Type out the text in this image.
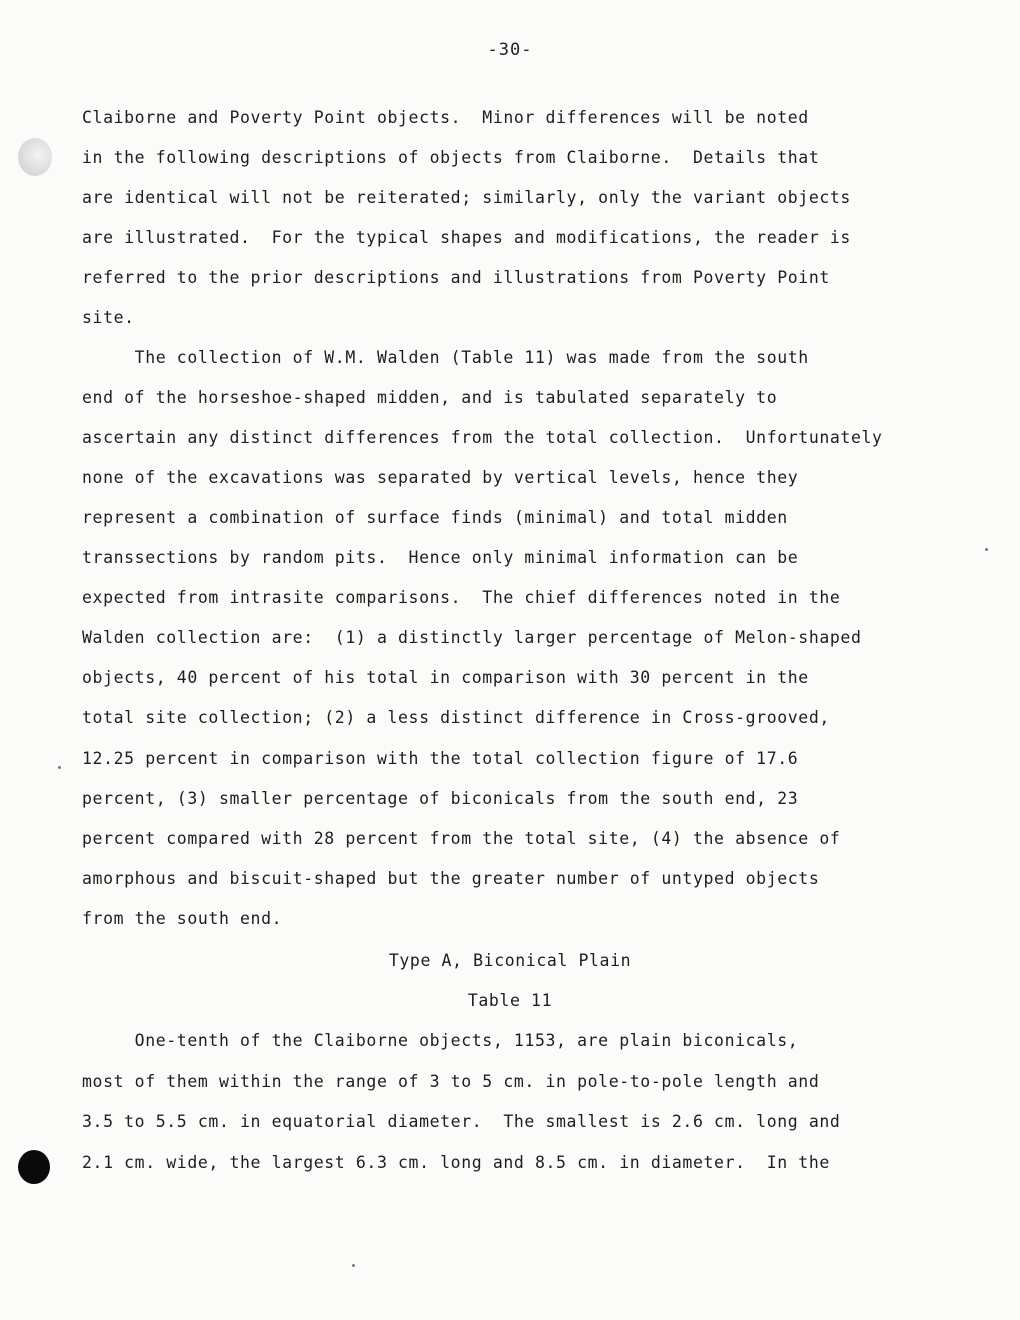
-30-
Claiborne and Poverty Point objects.  Minor differences will be noted
in the following descriptions of objects from Claiborne.  Details that
are identical will not be reiterated; similarly, only the variant objects
are illustrated.  For the typical shapes and modifications, the reader is
referred to the prior descriptions and illustrations from Poverty Point
site.
The collection of W.M. Walden (Table 11) was made from the south
end of the horseshoe-shaped midden, and is tabulated separately to
ascertain any distinct differences from the total collection.  Unfortunately
none of the excavations was separated by vertical levels, hence they
represent a combination of surface finds (minimal) and total midden
transsections by random pits.  Hence only minimal information can be
expected from intrasite comparisons.  The chief differences noted in the
Walden collection are:  (1) a distinctly larger percentage of Melon-shaped
objects, 40 percent of his total in comparison with 30 percent in the
total site collection; (2) a less distinct difference in Cross-grooved,
12.25 percent in comparison with the total collection figure of 17.6
percent, (3) smaller percentage of biconicals from the south end, 23
percent compared with 28 percent from the total site, (4) the absence of
amorphous and biscuit-shaped but the greater number of untyped objects
from the south end.
Type A, Biconical Plain
Table 11
One-tenth of the Claiborne objects, 1153, are plain biconicals,
most of them within the range of 3 to 5 cm. in pole-to-pole length and
3.5 to 5.5 cm. in equatorial diameter.  The smallest is 2.6 cm. long and
2.1 cm. wide, the largest 6.3 cm. long and 8.5 cm. in diameter.  In the
